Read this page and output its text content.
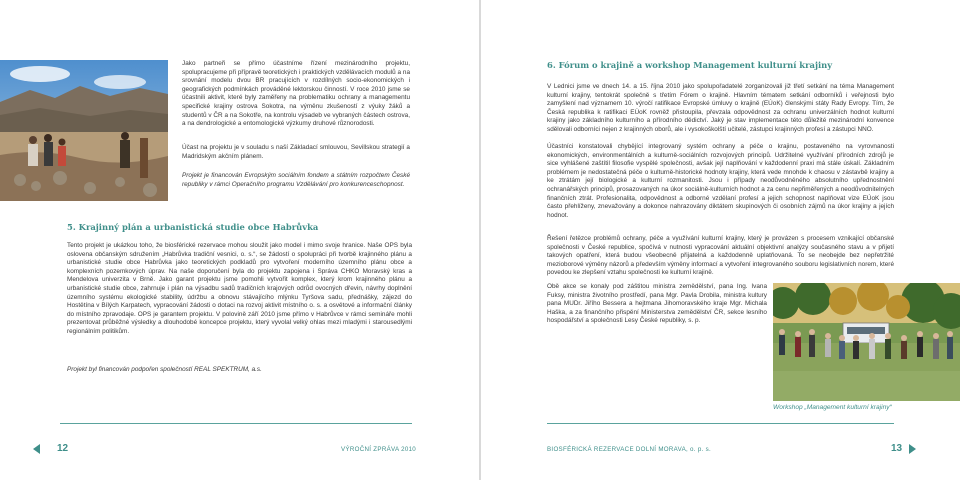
Jako partneři se přímo účastníme řízení mezinárodního projektu, spolupracujeme při přípravě teoretických i praktických vzdělávacích modulů a na srovnání modelu dvou BR pracujících v rozdílných socio-ekonomických i geografických podmínkách prováděné lektorskou činností. V roce 2010 jsme se účastnili aktivit, které byly zaměřeny na problematiku ochrany a managementu specifické krajiny ostrova Sokotra, na výměnu zkušeností z výuky žáků a studentů v ČR a na Sokotře, na kontrolu výsadeb ve vybraných částech ostrova, a na dendrologické a entomologické výzkumy druhové různorodosti.

Účast na projektu je v souladu s naší Základací smlouvou, Sevillskou strategií a Madridským akčním plánem.

Projekt je financován Evropským sociálním fondem a státním rozpočtem České republiky v rámci Operačního programu Vzdělávání pro konkurenceschopnost.

5. Krajinný plán a urbanistická studie obce Habrůvka

Tento projekt je ukázkou toho, že biosférické rezervace mohou sloužit jako model i mimo svoje hranice. Naše OPS byla oslovena občanským sdružením „Habrůvka tradiční vesnici, o. s.“, se žádostí o spolupráci při tvorbě krajinného plánu a urbanistické studie obce Habrůvka jako teoretických podkladů pro vytvoření moderního územního plánu obce a komplexních pozemkových úprav. Na naše doporučení byla do projektu zapojena i Správa CHKO Moravský kras a Mendelova univerzita v Brně. Jako garant projektu jsme pomohli vytvořit komplex, který krom krajinného plánu a urbanistické studie obce, zahrnuje i plán na výsadbu sadů tradičních krajových odrůd ovocných dřevin, návrhy doplnění územního systému ekologické stability, údržbu a obnovu stávajícího mlýnku Tyršova sadu, přednášky, zájezd do Hostětína v Bílých Karpatech, vypracování žádosti o dotaci na rozvoj aktivit místního o. s. a osvětové a informační články do místního zpravodaje. OPS je garantem projektu. V polovině září 2010 jsme přímo v Habrůvce v rámci semináře mohli prezentovat průběžné výsledky a dlouhodobé koncepce projektu, který vyvolal velký ohlas mezi mladými i starousedlými regionálním politikům.

Projekt byl financován podpořen společností REAL SPEKTRUM, a.s.

12	VÝROČNÍ ZPRÁVA 2010
6. Fórum o krajině a workshop Management kulturní krajiny

V Lednici jsme ve dnech 14. a 15. října 2010 jako spolupořadatelé zorganizovali již třetí setkání na téma Management kulturní krajiny, tentokrát společně s třetím Fórem o krajině. Hlavním tématem setkání odborníků i veřejnosti bylo zamyšlení nad významem 10. výročí ratifikace Evropské úmluvy o krajině (EÚoK) členskými státy Rady Evropy. Tím, že Česká republika k ratifikaci EÚoK rovněž přistoupila, převzala odpovědnost za ochranu univerzálních hodnot kulturní krajiny jako základního kulturního a přírodního dědictví. Jaký je stav implementace této důležité mezinárodní konvence sdělovali odborníci nejen z krajinných oborů, ale i vysokoškolští učitelé, zástupci krajinných profesí a zástupci NNO.

Účastníci konstatovali chybějící integrovaný systém ochrany a péče o krajinu, postaveného na vyrovnanosti ekonomických, environmentálních a kulturně-sociálních rozvojových principů. Udržitelné využívání přírodních zdrojů je sice vyhlášené zaštítil filosofie vyspělé společnosti, avšak její naplňování v každodenní praxi má stále úskalí. Základním problémem je nedostatečná péče o kulturně-historické hodnoty krajiny, která vede mnohde k chaosu v zástavbě krajiny a ke ztrátám její biologické a kulturní rozmanitosti. Jsou i případy neodůvodněného absolutního upřednostnění ochranářských principů, prosazovaných na úkor sociálně-kulturních hodnot a za cenu nepřiměřených a neodůvodnitelných finančních ztrát. Profesionalita, odpovědnost a odborné vzdělaní profesí a jejich schopnost naplňovat vize EÚoK jsou často přehlíženy, znevažovány a dokonce nahrazovány diktátem skupinových či osobních zájmů na úkor krajiny a jejích hodnot.

Řešení řetězce problémů ochrany, péče a využívání kulturní krajiny, který je provázen s procesem vznikající občanské společnosti v České republice, spočívá v nutnosti vypracování aktuální objektivní analýzy současného stavu a v přijetí takových opatření, která budou všeobecně přijatelná a každodenně uplatňovaná. To se neobejde bez nepřetržité mezioborové výměny názorů a především výměny informací a vytvoření integrovaného souboru legislativních norem, které povedou ke zlepšení vztahu společnosti ke kulturní krajině.

Obě akce se konaly pod záštitou ministra zemědělství, pana Ing. Ivana Fuksy, ministra životního prostředí, pana Mgr. Pavla Drobila, ministra kultury pana MUDr. Jiřího Bessera a hejtmana Jihomoravského kraje Mgr. Michala Haška, a za finančního přispění Ministerstva zemědělství ČR, sekce lesního hospodářství a společnosti Lesy České republiky, s. p.

Workshop „Management kulturní krajiny“

BIOSFÉRICKÁ REZERVACE DOLNÍ MORAVA, o. p. s.	13
